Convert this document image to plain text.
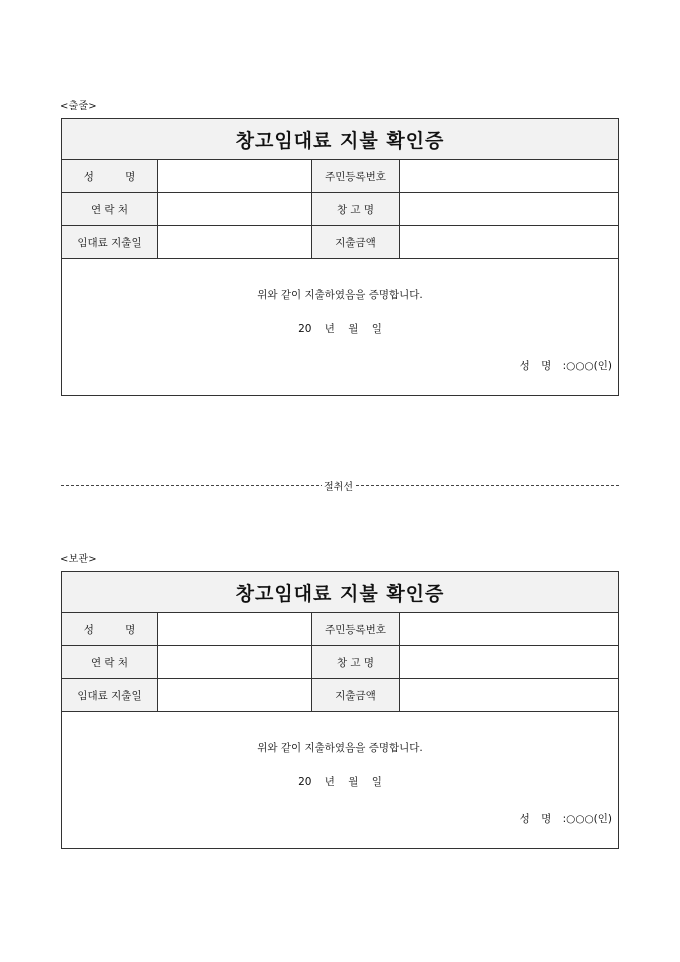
<출줄>
창고임대료 지불 확인증
성 명	주민등록번호
연 락 처	창 고 명
임대료 지출일	지출금액
위와 같이 지출하였음을 증명합니다.
20 년 월 일
성 명 :○○○(인)
절취선
<보관>
창고임대료 지불 확인증
성 명	주민등록번호
연 락 처	창 고 명
임대료 지출일	지출금액
위와 같이 지출하였음을 증명합니다.
20 년 월 일
성 명 :○○○(인)
